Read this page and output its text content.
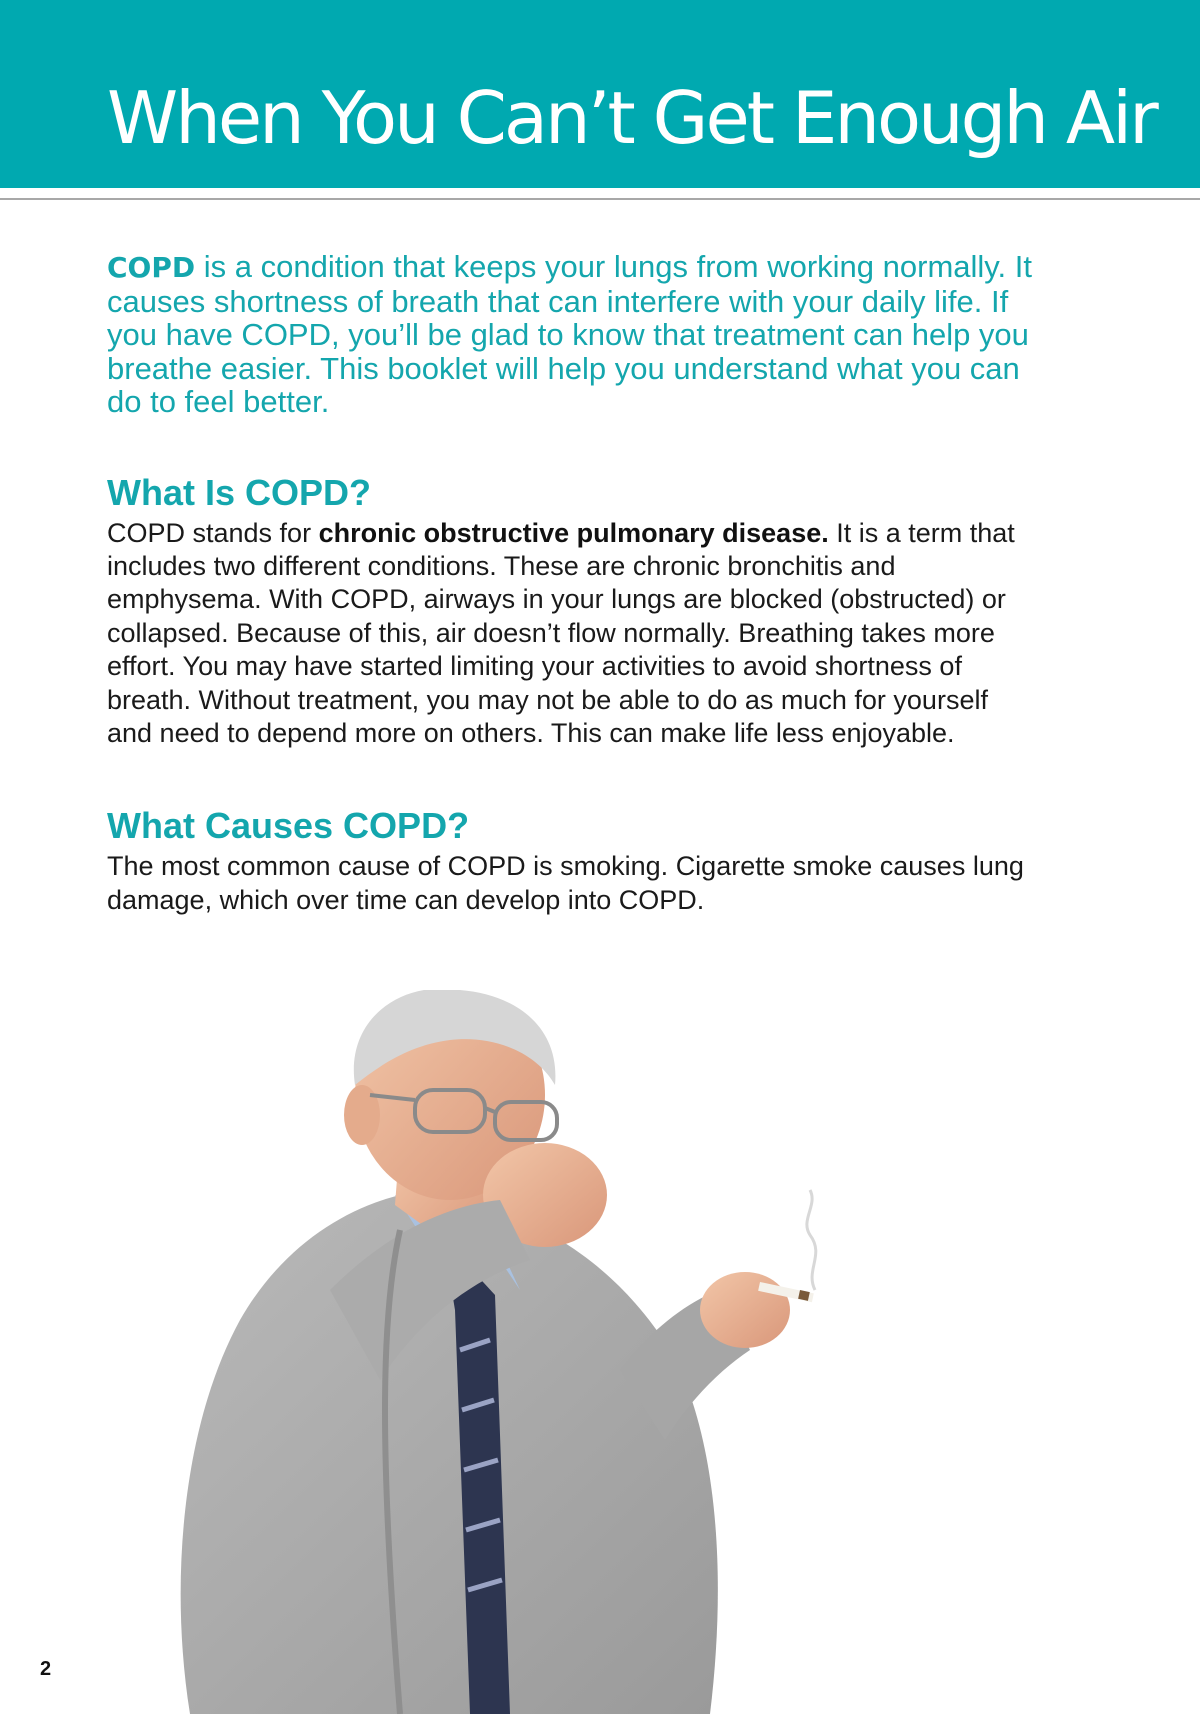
When You Can’t Get Enough Air

COPD is a condition that keeps your lungs from working normally. It causes shortness of breath that can interfere with your daily life. If you have COPD, you’ll be glad to know that treatment can help you breathe easier. This booklet will help you understand what you can do to feel better.

What Is COPD?

COPD stands for chronic obstructive pulmonary disease. It is a term that includes two different conditions. These are chronic bronchitis and emphysema. With COPD, airways in your lungs are blocked (obstructed) or collapsed. Because of this, air doesn’t flow normally. Breathing takes more effort. You may have started limiting your activities to avoid shortness of breath. Without treatment, you may not be able to do as much for yourself and need to depend more on others. This can make life less enjoyable.

What Causes COPD?

The most common cause of COPD is smoking. Cigarette smoke causes lung damage, which over time can develop into COPD.

2
